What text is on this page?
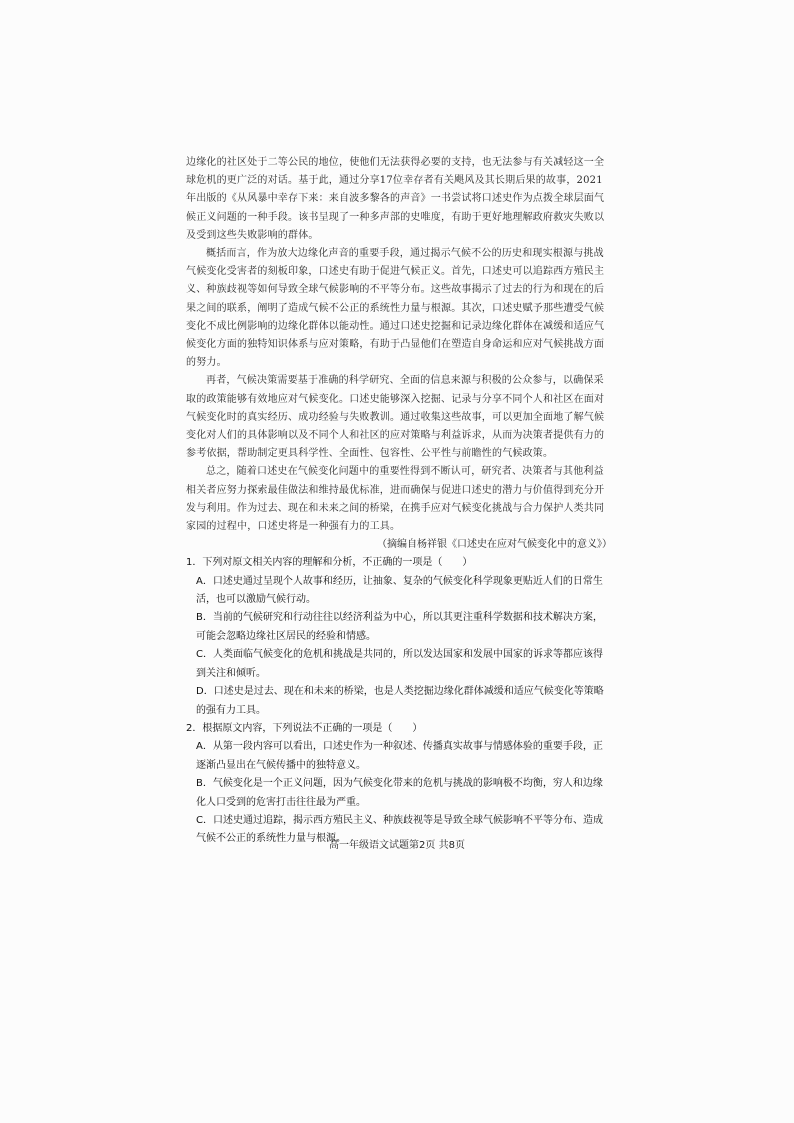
边缘化的社区处于二等公民的地位，使他们无法获得必要的支持，也无法参与有关减轻这一全球危机的更广泛的对话。基于此，通过分享17位幸存者有关飓风及其长期后果的故事，2021年出版的《从风暴中幸存下来：来自波多黎各的声音》一书尝试将口述史作为点拨全球层面气候正义问题的一种手段。该书呈现了一种多声部的史唯度，有助于更好地理解政府救灾失败以及受到这些失败影响的群体。

概括而言，作为放大边缘化声音的重要手段，通过揭示气候不公的历史和现实根源与挑战气候变化受害者的刻板印象，口述史有助于促进气候正义。首先，口述史可以追踪西方殖民主义、种族歧视等如何导致全球气候影响的不平等分布。这些故事揭示了过去的行为和现在的后果之间的联系，阐明了造成气候不公正的系统性力量与根源。其次，口述史赋予那些遭受气候变化不成比例影响的边缘化群体以能动性。通过口述史挖掘和记录边缘化群体在减缓和适应气候变化方面的独特知识体系与应对策略，有助于凸显他们在塑造自身命运和应对气候挑战方面的努力。

再者，气候决策需要基于准确的科学研究、全面的信息来源与积极的公众参与，以确保采取的政策能够有效地应对气候变化。口述史能够深入挖掘、记录与分享不同个人和社区在面对气候变化时的真实经历、成功经验与失败教训。通过收集这些故事，可以更加全面地了解气候变化对人们的具体影响以及不同个人和社区的应对策略与利益诉求，从而为决策者提供有力的参考依据，帮助制定更具科学性、全面性、包容性、公平性与前瞻性的气候政策。

总之，随着口述史在气候变化问题中的重要性得到不断认可，研究者、决策者与其他利益相关者应努力探索最佳做法和维持最优标准，进而确保与促进口述史的潜力与价值得到充分开发与利用。作为过去、现在和未来之间的桥梁，在携手应对气候变化挑战与合力保护人类共同家园的过程中，口述史将是一种强有力的工具。

（摘编自杨祥银《口述史在应对气候变化中的意义》）

1．下列对原文相关内容的理解和分析，不正确的一项是（　　）

A．口述史通过呈现个人故事和经历，让抽象、复杂的气候变化科学现象更贴近人们的日常生活，也可以激励气候行动。

B．当前的气候研究和行动往往以经济利益为中心，所以其更注重科学数据和技术解决方案，可能会忽略边缘社区居民的经验和情感。

C．人类面临气候变化的危机和挑战是共同的，所以发达国家和发展中国家的诉求等都应该得到关注和倾听。

D．口述史是过去、现在和未来的桥梁，也是人类挖掘边缘化群体减缓和适应气候变化等策略的强有力工具。

2．根据原文内容，下列说法不正确的一项是（　　）

A．从第一段内容可以看出，口述史作为一种叙述、传播真实故事与情感体验的重要手段，正逐渐凸显出在气候传播中的独特意义。

B．气候变化是一个正义问题，因为气候变化带来的危机与挑战的影响极不均衡，穷人和边缘化人口受到的危害打击往往最为严重。

C．口述史通过追踪，揭示西方殖民主义、种族歧视等是导致全球气候影响不平等分布、造成气候不公正的系统性力量与根源。

高一年级语文试题第2页 共8页
